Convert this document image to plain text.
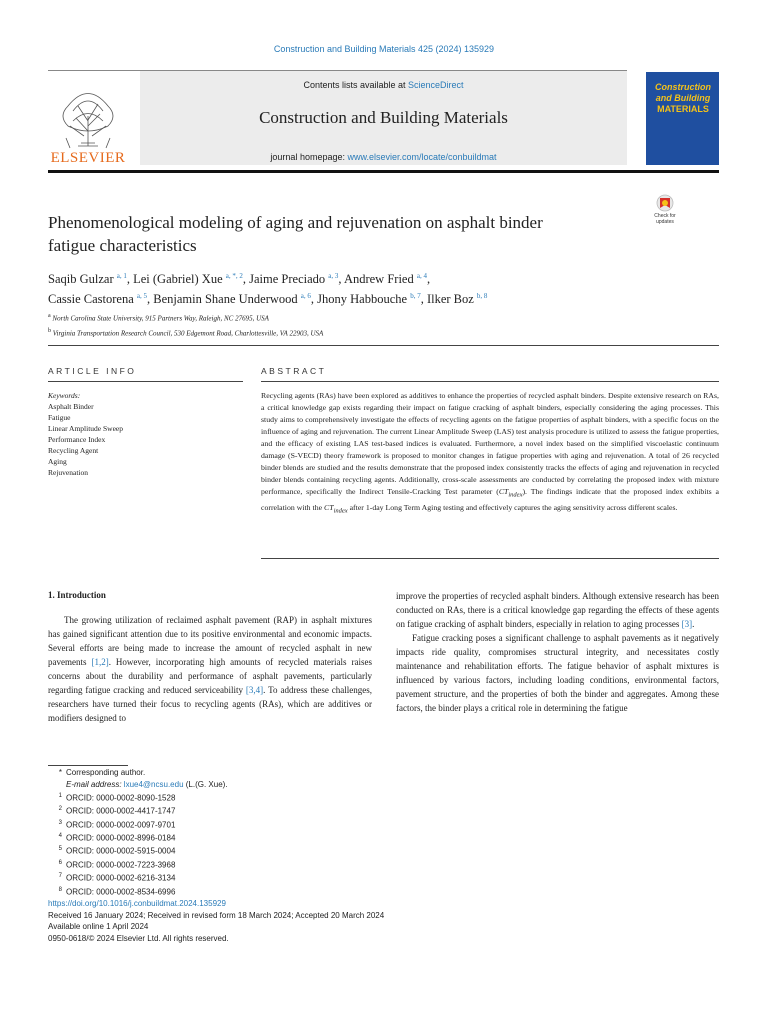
Construction and Building Materials 425 (2024) 135929
ELSEVIER
Contents lists available at ScienceDirect
Construction and Building Materials
journal homepage: www.elsevier.com/locate/conbuildmat
Construction
and Building
MATERIALS
Phenomenological modeling of aging and rejuvenation on asphalt binder
fatigue characteristics
Check for
updates
Saqib Gulzar $^{a, 1}$, Lei (Gabriel) Xue $^{a, *, 2}$, Jaime Preciado $^{a, 3}$, Andrew Fried $^{a, 4}$,
Cassie Castorena $^{a, 5}$, Benjamin Shane Underwood $^{a, 6}$, Jhony Habbouche $^{b, 7}$, Ilker Boz $^{b, 8}$
$^a$ North Carolina State University, 915 Partners Way, Raleigh, NC 27695, USA
$^b$ Virginia Transportation Research Council, 530 Edgemont Road, Charlottesville, VA 22903, USA
ARTICLE INFO	ABSTRACT
Keywords:
Asphalt Binder
Fatigue
Linear Amplitude Sweep
Performance Index
Recycling Agent
Aging
Rejuvenation
Recycling agents (RAs) have been explored as additives to enhance the properties of recycled asphalt binders. Despite extensive research on RAs, a critical knowledge gap exists regarding their impact on fatigue cracking of asphalt binders, especially considering the aging processes. This study aims to comprehensively investigate the effects of recycling agents on the fatigue properties of asphalt binders, with a specific focus on the influence of aging and rejuvenation. The current Linear Amplitude Sweep (LAS) test analysis procedure is utilized to assess the fatigue properties, and the efficacy of existing LAS test-based indices is evaluated. Furthermore, a novel index based on the simplified viscoelastic continuum damage (S-VECD) theory framework is proposed to monitor changes in fatigue properties with aging and rejuvenation. A total of 26 recycled binder blends are studied and the results demonstrate that the proposed index consistently tracks the effects of aging and rejuvenation in recycled binder blends containing recycling agents. Additionally, cross-scale assessments are conducted by correlating the proposed index with mixture performance, specifically the Indirect Tensile-Cracking Test parameter $(CT_{index})$. The findings indicate that the proposed index exhibits a correlation with the $CT_{index}$ after 1-day Long Term Aging testing and effectively captures the aging sensitivity across different scales.
1. Introduction

The growing utilization of reclaimed asphalt pavement (RAP) in asphalt mixtures has gained significant attention due to its positive environmental and economic impacts. Several efforts are being made to increase the amount of recycled asphalt in new pavements [1,2]. However, incorporating high amounts of recycled materials raises concerns about the durability and performance of asphalt pavements, particularly regarding fatigue cracking and reduced serviceability [3,4]. To address these challenges, researchers have turned their focus to recycling agents (RAs), which are additives or modifiers designed to

improve the properties of recycled asphalt binders. Although extensive research has been conducted on RAs, there is a critical knowledge gap regarding the effects of these agents on fatigue cracking of asphalt binders, especially in relation to aging processes [3].

Fatigue cracking poses a significant challenge to asphalt pavements as it negatively impacts ride quality, compromises structural integrity, and necessitates costly maintenance and rehabilitation efforts. The fatigue behavior of asphalt mixtures is influenced by various factors, including loading conditions, environmental factors, pavement structure, and the properties of both the binder and aggregates. Among these factors, the binder plays a critical role in determining the fatigue

* Corresponding author.
E-mail address: lxue4@ncsu.edu (L.(G. Xue).
$^1$ ORCID: 0000-0002-8090-1528
$^2$ ORCID: 0000-0002-4417-1747
$^3$ ORCID: 0000-0002-0097-9701
$^4$ ORCID: 0000-0002-8996-0184
$^5$ ORCID: 0000-0002-5915-0004
$^6$ ORCID: 0000-0002-7223-3968
$^7$ ORCID: 0000-0002-6216-3134
$^8$ ORCID: 0000-0002-8534-6996
https://doi.org/10.1016/j.conbuildmat.2024.135929
Received 16 January 2024; Received in revised form 18 March 2024; Accepted 20 March 2024
Available online 1 April 2024
0950-0618/© 2024 Elsevier Ltd. All rights reserved.
